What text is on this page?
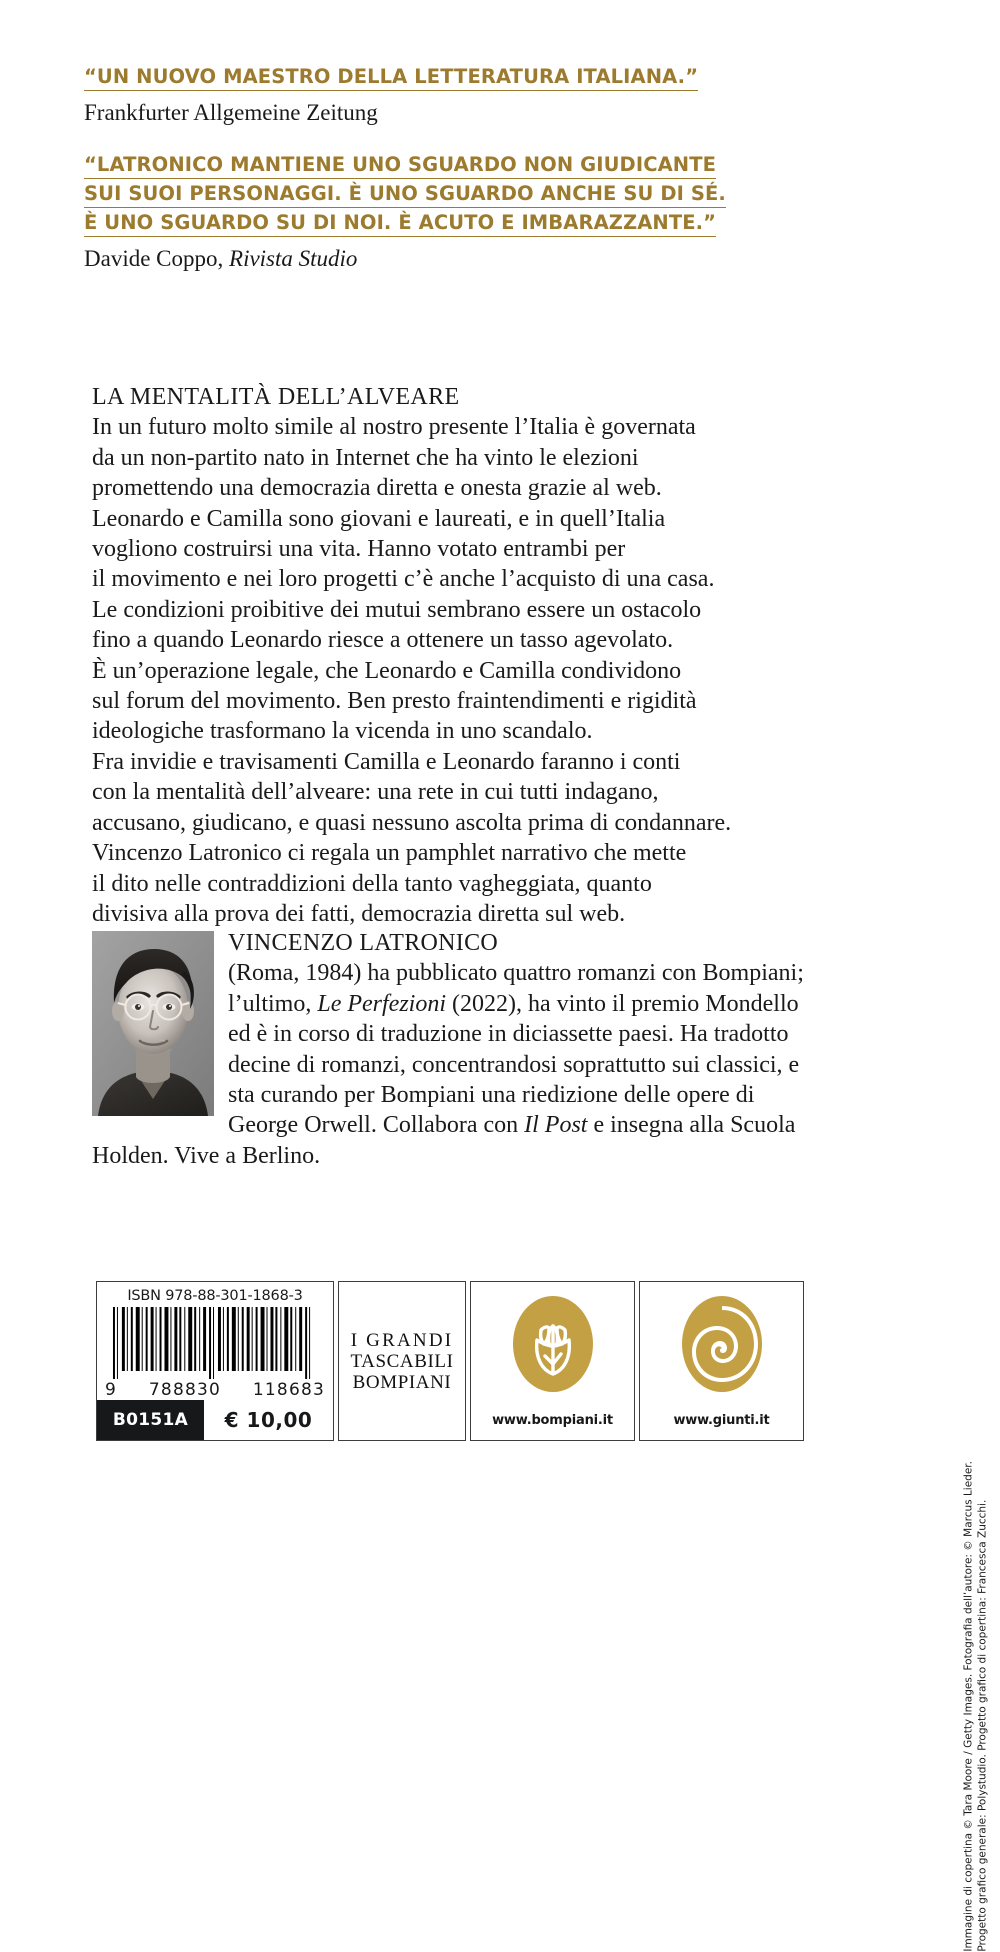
“UN NUOVO MAESTRO DELLA LETTERATURA ITALIANA.”
Frankfurter Allgemeine Zeitung
“LATRONICO MANTIENE UNO SGUARDO NON GIUDICANTE
SUI SUOI PERSONAGGI. È UNO SGUARDO ANCHE SU DI SÉ.
È UNO SGUARDO SU DI NOI. È ACUTO E IMBARAZZANTE.”
Davide Coppo, Rivista Studio

LA MENTALITÀ DELL’ALVEARE

In un futuro molto simile al nostro presente l’Italia è governata

da un non-partito nato in Internet che ha vinto le elezioni

promettendo una democrazia diretta e onesta grazie al web.

Leonardo e Camilla sono giovani e laureati, e in quell’Italia

vogliono costruirsi una vita. Hanno votato entrambi per

il movimento e nei loro progetti c’è anche l’acquisto di una casa.

Le condizioni proibitive dei mutui sembrano essere un ostacolo

fino a quando Leonardo riesce a ottenere un tasso agevolato.

È un’operazione legale, che Leonardo e Camilla condividono

sul forum del movimento. Ben presto fraintendimenti e rigidità

ideologiche trasformano la vicenda in uno scandalo.

Fra invidie e travisamenti Camilla e Leonardo faranno i conti

con la mentalità dell’alveare: una rete in cui tutti indagano,

accusano, giudicano, e quasi nessuno ascolta prima di condannare.

Vincenzo Latronico ci regala un pamphlet narrativo che mette

il dito nelle contraddizioni della tanto vagheggiata, quanto

divisiva alla prova dei fatti, democrazia diretta sul web.

VINCENZO LATRONICO
(Roma, 1984) ha pubblicato quattro romanzi con Bompiani; l’ultimo, Le Perfezioni (2022), ha vinto il premio Mondello ed è in corso di traduzione in diciassette paesi. Ha tradotto decine di romanzi, concentrandosi soprattutto sui classici, e sta curando per Bompiani una riedizione delle opere di George Orwell. Collabora con Il Post e insegna alla Scuola Holden. Vive a Berlino.
ISBN 978-88-301-1868-3
9 788830 118683
B0151A	€ 10,00
I GRANDI
TASCABILI
BOMPIANI
www.bompiani.it	www.giunti.it
Immagine di copertina © Tara Moore / Getty Images. Fotografia dell’autore: © Marcus Lieder. Progetto grafico generale: Polystudio. Progetto grafico di copertina: Francesca Zucchi.
